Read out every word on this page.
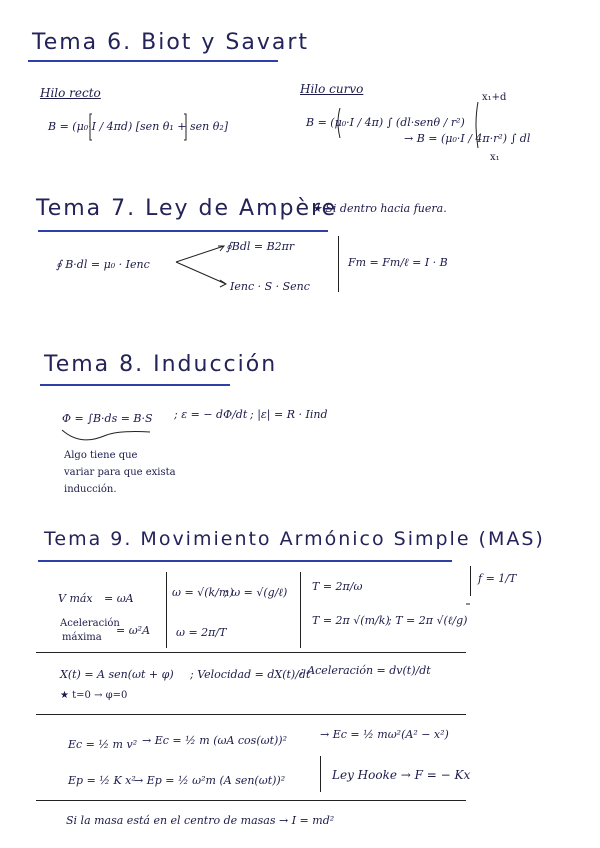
Tema 6. Biot y Savart
Hilo recto
B = (μ₀·I / 4πd) [sen θ₁ + sen θ₂]
Hilo curvo
x₁+d
B = (μ₀·I / 4π) ∫ (dl·senθ / r²)
→ B = (μ₀·I / 4π·r²) ∫ dl
x₁
Tema 7. Ley de Ampère
★ Si dentro hacia fuera.
∮ B·dl = μ₀ · Ienc
∮Bdl = B2πr
Ienc · S · Senc
Fm = Fm/ℓ = I · B
Tema 8. Inducción
Φ = ∫B·ds = B·S ; ε = − dΦ/dt ; |ε| = R · Iind
Algo tiene que
variar para que exista
inducción.
Tema 9. Movimiento Armónico Simple (MAS)
V máx = ωA
Aceleración
máxima
= ω²A
ω = √(k/m)
; ω = √(g/ℓ)
ω = 2π/T
T = 2π/ω
T = 2π √(m/k)
; T = 2π √(ℓ/g)
f = 1/T
X(t) = A sen(ωt + φ) ; Velocidad = dX(t)/dt
; Aceleración = dv(t)/dt
★ t=0 → φ=0
Ec = ½ m v² → Ec = ½ m (ωA cos(ωt))²	→ Ec = ½ mω²(A² − x²)
Ep = ½ K x²
→ Ep = ½ ω²m (A sen(ωt))²	Ley Hooke → F = − Kx
Si la masa está en el centro de masas → I = md²
